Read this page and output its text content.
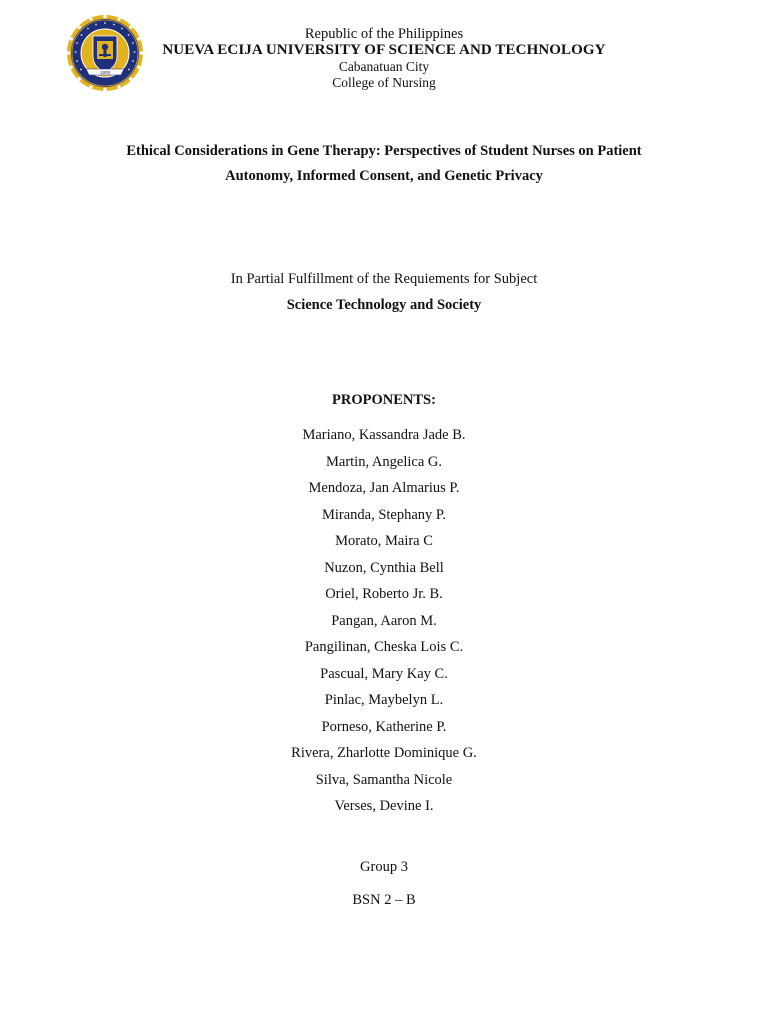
1908
Republic of the Philippines
NUEVA ECIJA UNIVERSITY OF SCIENCE AND TECHNOLOGY
Cabanatuan City
College of Nursing
Ethical Considerations in Gene Therapy: Perspectives of Student Nurses on Patient
Autonomy, Informed Consent, and Genetic Privacy
In Partial Fulfillment of the Requiements for Subject
Science Technology and Society
PROPONENTS:
Mariano, Kassandra Jade B.
Martin, Angelica G.
Mendoza, Jan Almarius P.
Miranda, Stephany P.
Morato, Maira C
Nuzon, Cynthia Bell
Oriel, Roberto Jr. B.
Pangan, Aaron M.
Pangilinan, Cheska Lois C.
Pascual, Mary Kay C.
Pinlac, Maybelyn L.
Porneso, Katherine P.
Rivera, Zharlotte Dominique G.
Silva, Samantha Nicole
Verses, Devine I.
Group 3
BSN 2 – B
